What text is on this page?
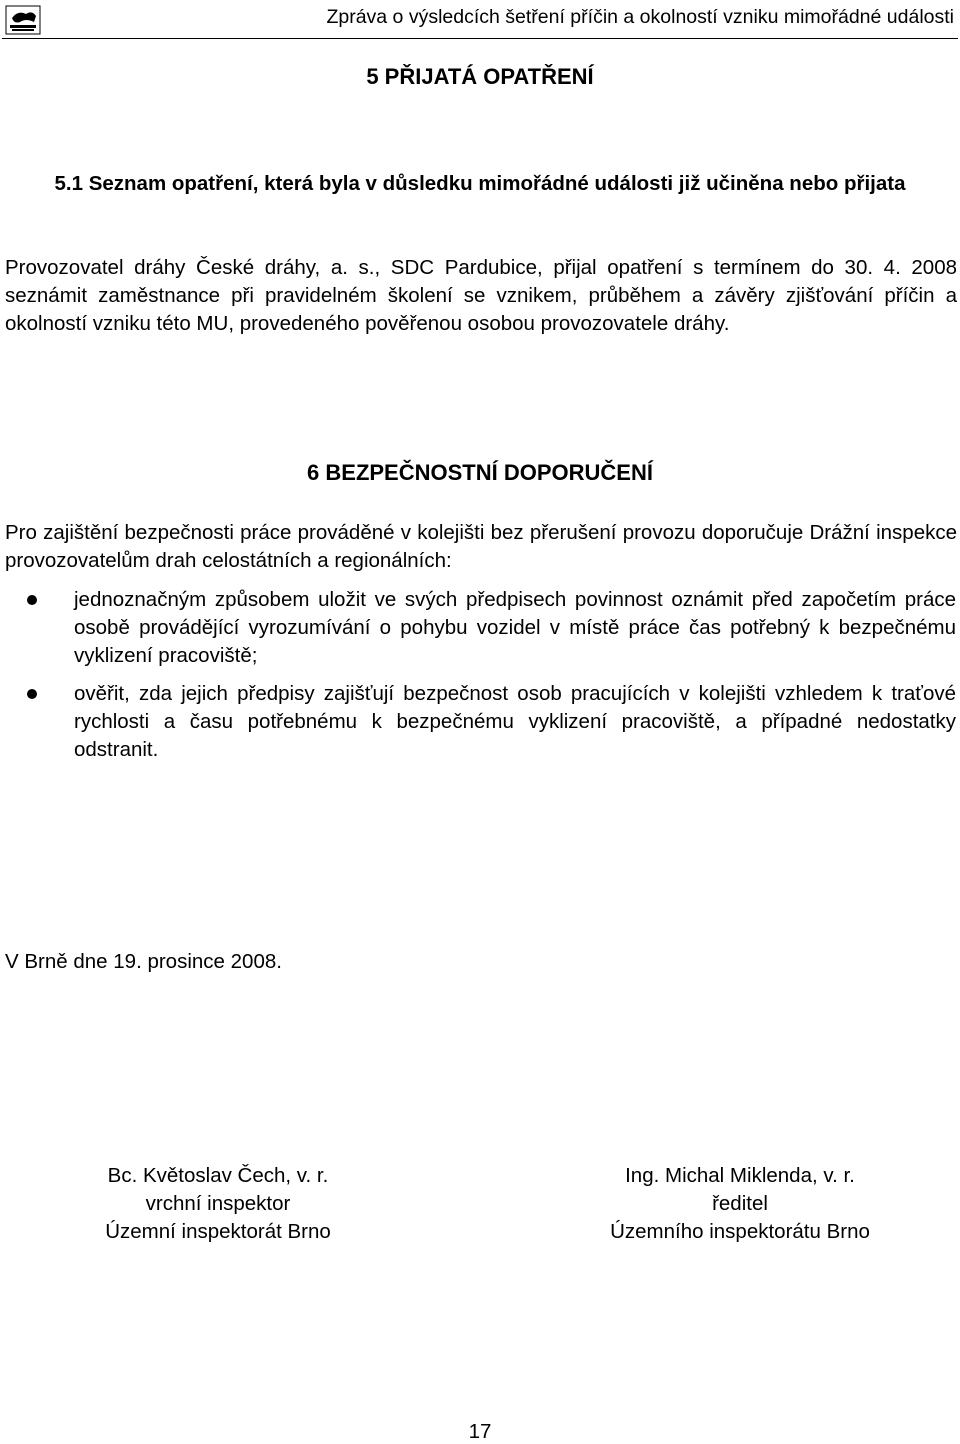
Zpráva o výsledcích šetření příčin a okolností vzniku mimořádné události
5 PŘIJATÁ OPATŘENÍ
5.1 Seznam opatření, která byla v důsledku mimořádné události již učiněna nebo přijata
Provozovatel dráhy České dráhy, a. s., SDC Pardubice, přijal opatření s termínem do 30. 4. 2008 seznámit zaměstnance při pravidelném školení se vznikem, průběhem a závěry zjišťování příčin a okolností vzniku této MU, provedeného pověřenou osobou provozovatele dráhy.
6 BEZPEČNOSTNÍ DOPORUČENÍ
Pro zajištění bezpečnosti práce prováděné v kolejišti bez přerušení provozu doporučuje Drážní inspekce provozovatelům drah celostátních a regionálních:
jednoznačným způsobem uložit ve svých předpisech povinnost oznámit před započetím práce osobě provádějící vyrozumívání o pohybu vozidel v místě práce čas potřebný k bezpečnému vyklizení pracoviště;
ověřit, zda jejich předpisy zajišťují bezpečnost osob pracujících v kolejišti vzhledem k traťové rychlosti a času potřebnému k bezpečnému vyklizení pracoviště, a případné nedostatky odstranit.
V Brně dne 19. prosince 2008.
Bc. Květoslav Čech, v. r.
vrchní inspektor
Územní inspektorát Brno
Ing. Michal Miklenda, v. r.
ředitel
Územního inspektorátu Brno
17
